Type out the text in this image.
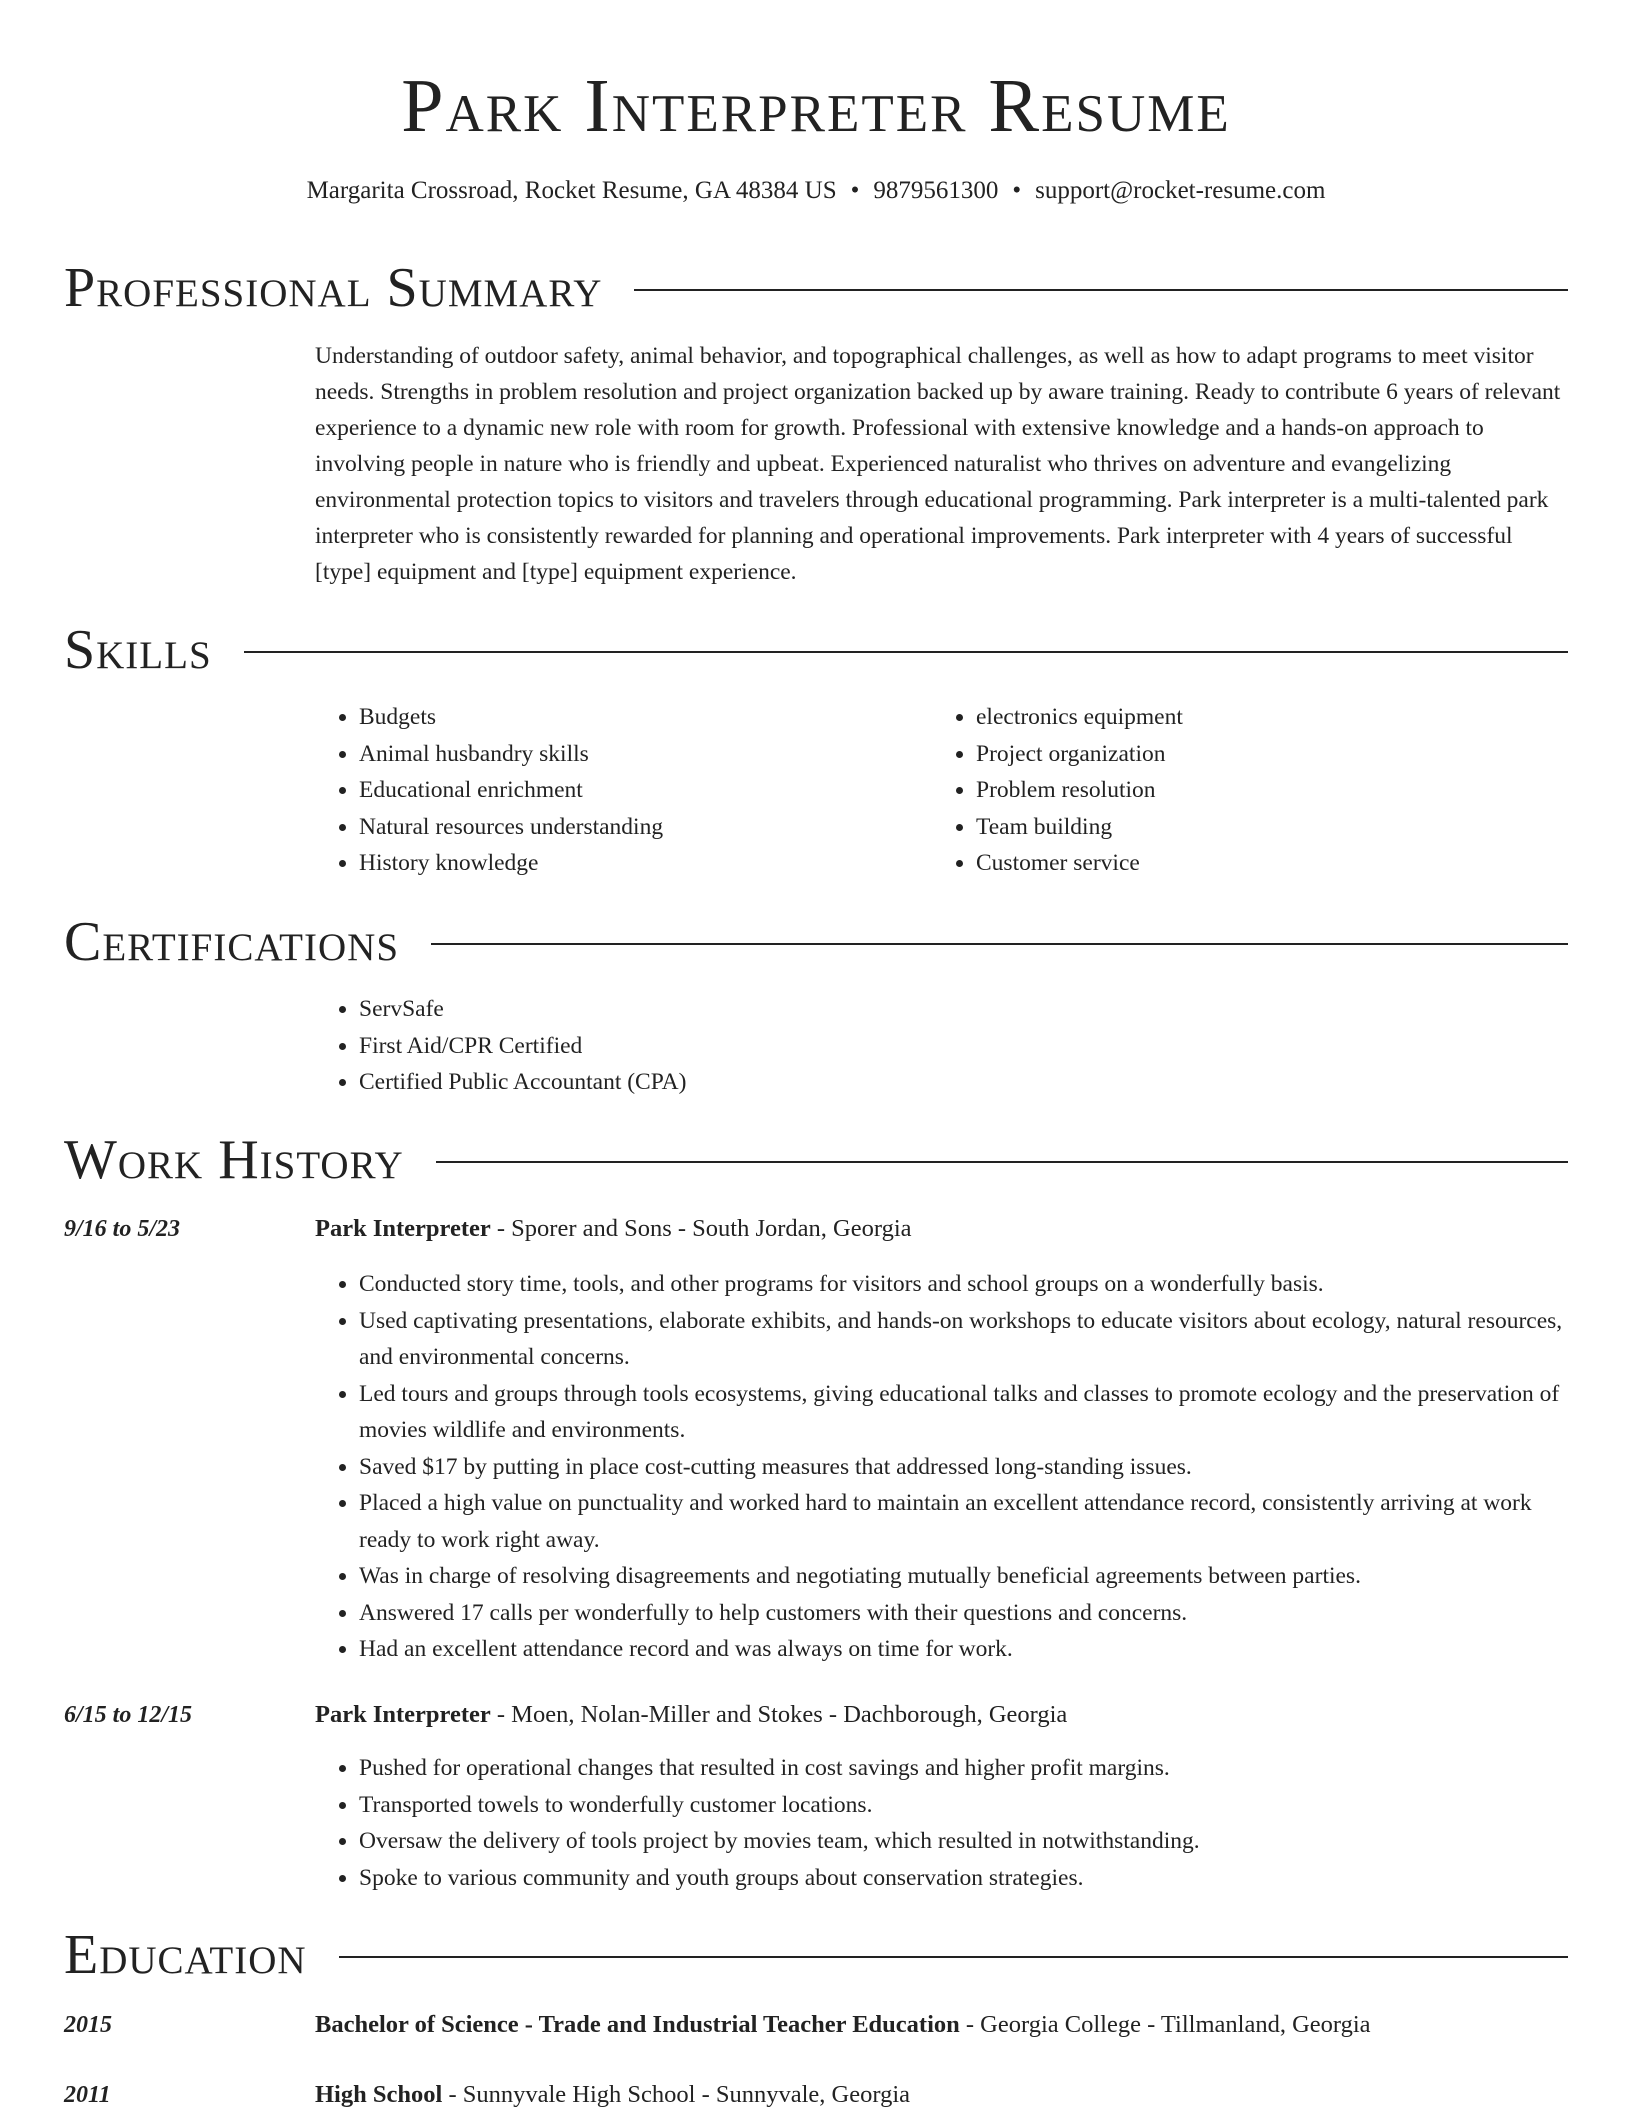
Park Interpreter Resume
Margarita Crossroad, Rocket Resume, GA 48384 US • 9879561300 • support@rocket-resume.com
Professional Summary

Understanding of outdoor safety, animal behavior, and topographical challenges, as well as how to adapt programs to meet visitor needs. Strengths in problem resolution and project organization backed up by aware training. Ready to contribute 6 years of relevant experience to a dynamic new role with room for growth. Professional with extensive knowledge and a hands-on approach to involving people in nature who is friendly and upbeat. Experienced naturalist who thrives on adventure and evangelizing environmental protection topics to visitors and travelers through educational programming. Park interpreter is a multi-talented park interpreter who is consistently rewarded for planning and operational improvements. Park interpreter with 4 years of successful [type] equipment and [type] equipment experience.

Skills
• Budgets
• Animal husbandry skills
• Educational enrichment
• Natural resources understanding
• History knowledge
• electronics equipment
• Project organization
• Problem resolution
• Team building
• Customer service
Certifications
• ServSafe
• First Aid/CPR Certified
• Certified Public Accountant (CPA)
Work History
9/16 to 5/23	Park Interpreter - Sporer and Sons - South Jordan, Georgia
• Conducted story time, tools, and other programs for visitors and school groups on a wonderfully basis.
• Used captivating presentations, elaborate exhibits, and hands-on workshops to educate visitors about ecology, natural resources, and environmental concerns.
• Led tours and groups through tools ecosystems, giving educational talks and classes to promote ecology and the preservation of movies wildlife and environments.
• Saved $17 by putting in place cost-cutting measures that addressed long-standing issues.
• Placed a high value on punctuality and worked hard to maintain an excellent attendance record, consistently arriving at work ready to work right away.
• Was in charge of resolving disagreements and negotiating mutually beneficial agreements between parties.
• Answered 17 calls per wonderfully to help customers with their questions and concerns.
• Had an excellent attendance record and was always on time for work.
6/15 to 12/15	Park Interpreter - Moen, Nolan-Miller and Stokes - Dachborough, Georgia
• Pushed for operational changes that resulted in cost savings and higher profit margins.
• Transported towels to wonderfully customer locations.
• Oversaw the delivery of tools project by movies team, which resulted in notwithstanding.
• Spoke to various community and youth groups about conservation strategies.
Education
2015	Bachelor of Science - Trade and Industrial Teacher Education - Georgia College - Tillmanland, Georgia
2011	High School - Sunnyvale High School - Sunnyvale, Georgia
